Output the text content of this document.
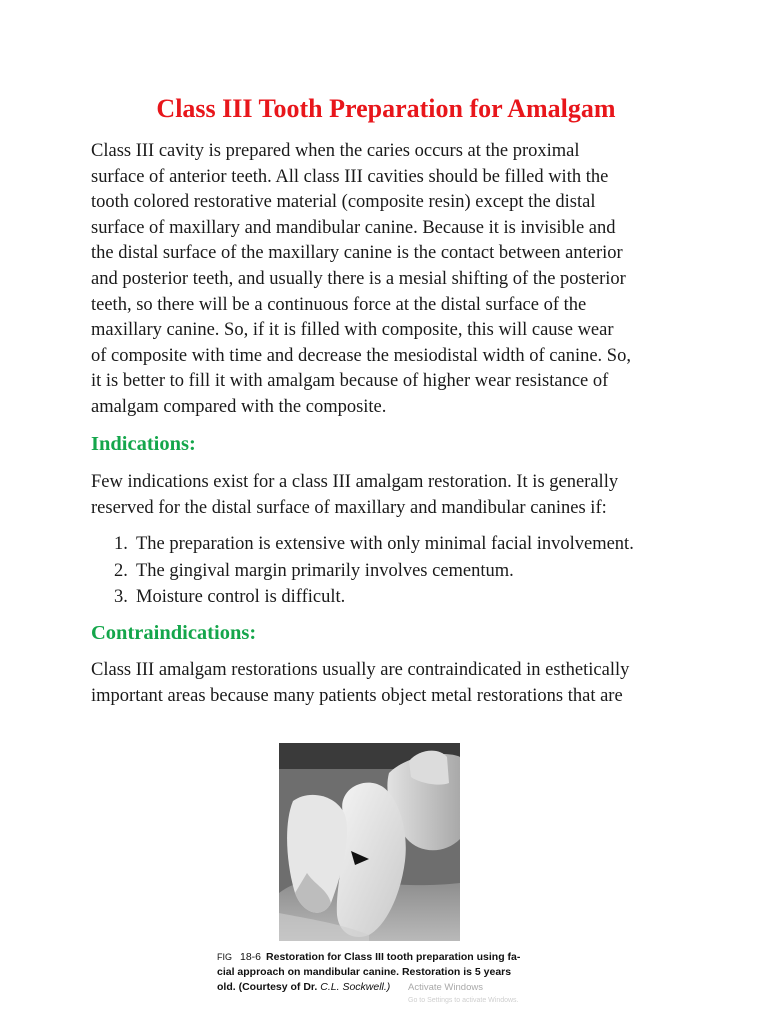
Class III Tooth Preparation for Amalgam

Class III cavity is prepared when the caries occurs at the proximal
surface of anterior teeth. All class III cavities should be filled with the
tooth colored restorative material (composite resin) except the distal
surface of maxillary and mandibular canine. Because it is invisible and
the distal surface of the maxillary canine is the contact between anterior
and posterior teeth, and usually there is a mesial shifting of the posterior
teeth, so there will be a continuous force at the distal surface of the
maxillary canine. So, if it is filled with composite, this will cause wear
of composite with time and decrease the mesiodistal width of canine. So,
it is better to fill it with amalgam because of higher wear resistance of
amalgam compared with the composite.

Indications:

Few indications exist for a class III amalgam restoration. It is generally
reserved for the distal surface of maxillary and mandibular canines if:

1. The preparation is extensive with only minimal facial involvement.
2. The gingival margin primarily involves cementum.
3. Moisture control is difficult.
Contraindications:

Class III amalgam restorations usually are contraindicated in esthetically
important areas because many patients object metal restorations that are

FIG 18-6 Restoration for Class III tooth preparation using fa-
cial approach on mandibular canine. Restoration is 5 years
old. (Courtesy of Dr. C.L. Sockwell.)	Activate Windows
Go to Settings to activate Windows.
